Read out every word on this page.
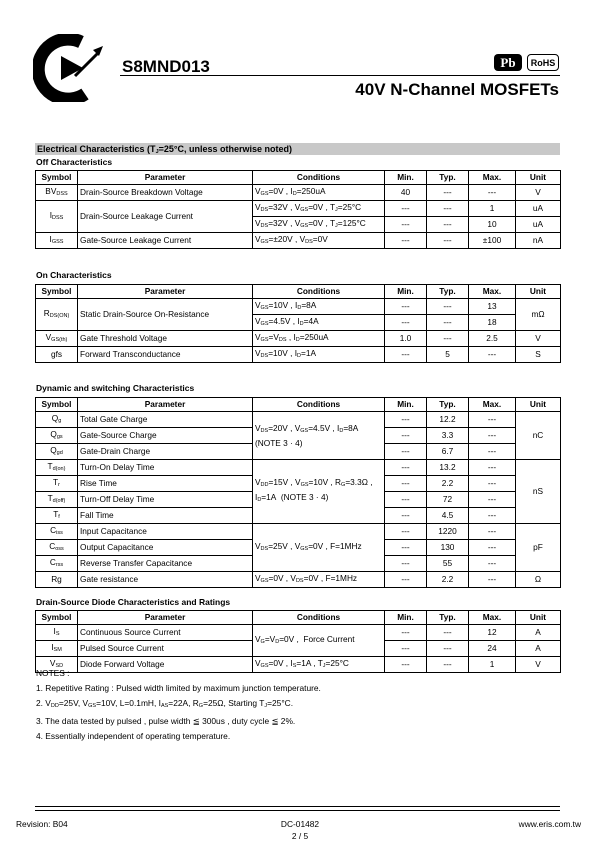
S8MND013	Pb	RoHS
40V N-Channel MOSFETs
Electrical Characteristics ($T_J=25^\circ C$, unless otherwise noted)
Off Characteristics
Symbol	Parameter	Conditions	Min.	Typ.	Max.	Unit
$BV_{DSS}$	Drain-Source Breakdown Voltage	$V_{GS}=0V$ , $I_D=250uA$	40	---	---	V
$I_{DSS}$	Drain-Source Leakage Current	$V_{DS}=32V$ , $V_{GS}=0V$ , $T_J=25^\circ C$	---	---	1	uA
		$V_{DS}=32V$ , $V_{GS}=0V$ , $T_J=125^\circ C$	---	---	10	uA
$I_{GSS}$	Gate-Source Leakage Current	$V_{GS}=\pm 20V$ , $V_{DS}=0V$	---	---	±100	nA
On Characteristics
Symbol	Parameter	Conditions	Min.	Typ.	Max.	Unit
$R_{DS(ON)}$	Static Drain-Source On-Resistance	$V_{GS}=10V$ , $I_D=8A$	---	---	13	mΩ
		$V_{GS}=4.5V$ , $I_D=4A$	---	---	18	
$V_{GS(th)}$	Gate Threshold Voltage	$V_{GS}=V_{DS}$ , $I_D=250uA$	1.0	---	2.5	V
gfs	Forward Transconductance	$V_{DS}=10V$ , $I_D=1A$	---	5	---	S
Dynamic and switching Characteristics
Symbol	Parameter	Conditions	Min.	Typ.	Max.	Unit
$Q_g$	Total Gate Charge	$V_{DS}=20V$ , $V_{GS}=4.5V$ , $I_D=8A$
(NOTE 3 · 4)	---	12.2	---	nC
$Q_{gs}$	Gate-Source Charge		---	3.3	---	
$Q_{gd}$	Gate-Drain Charge		---	6.7	---	
$T_{d(on)}$	Turn-On Delay Time	$V_{DD}=15V$ , $V_{GS}=10V$ , $R_G=3.3\Omega$ ,
$I_D=1A$  (NOTE 3 · 4)	---	13.2	---	nS
$T_r$	Rise Time		---	2.2	---	
$T_{d(off)}$	Turn-Off Delay Time		---	72	---	
$T_f$	Fall Time		---	4.5	---	
$C_{iss}$	Input Capacitance	$V_{DS}=25V$ , $V_{GS}=0V$ , F=1MHz	---	1220	---	pF
$C_{oss}$	Output Capacitance		---	130	---	
$C_{rss}$	Reverse Transfer Capacitance		---	55	---	
Rg	Gate resistance	$V_{GS}=0V$ , $V_{DS}=0V$ , F=1MHz	---	2.2	---	Ω
Drain-Source Diode Characteristics and Ratings
Symbol	Parameter	Conditions	Min.	Typ.	Max.	Unit
$I_S$	Continuous Source Current	$V_G=V_D=0V$ ,  Force Current	---	---	12	A
$I_{SM}$	Pulsed Source Current		---	---	24	A
$V_{SD}$	Diode Forward Voltage	$V_{GS}=0V$ , $I_S=1A$ , $T_J=25^\circ C$	---	---	1	V
NOTES :
1. Repetitive Rating : Pulsed width limited by maximum junction temperature.
2. $V_{DD}=25V$, $V_{GS}=10V$, L=0.1mH, $I_{AS}=22A$, $R_G=25\Omega$, Starting $T_J=25^\circ C$.
3. The data tested by pulsed , pulse width ≦ 300us , duty cycle ≦ 2%.
4. Essentially independent of operating temperature.
Revision: B04	DC-01482
2 / 5
www.eris.com.tw
